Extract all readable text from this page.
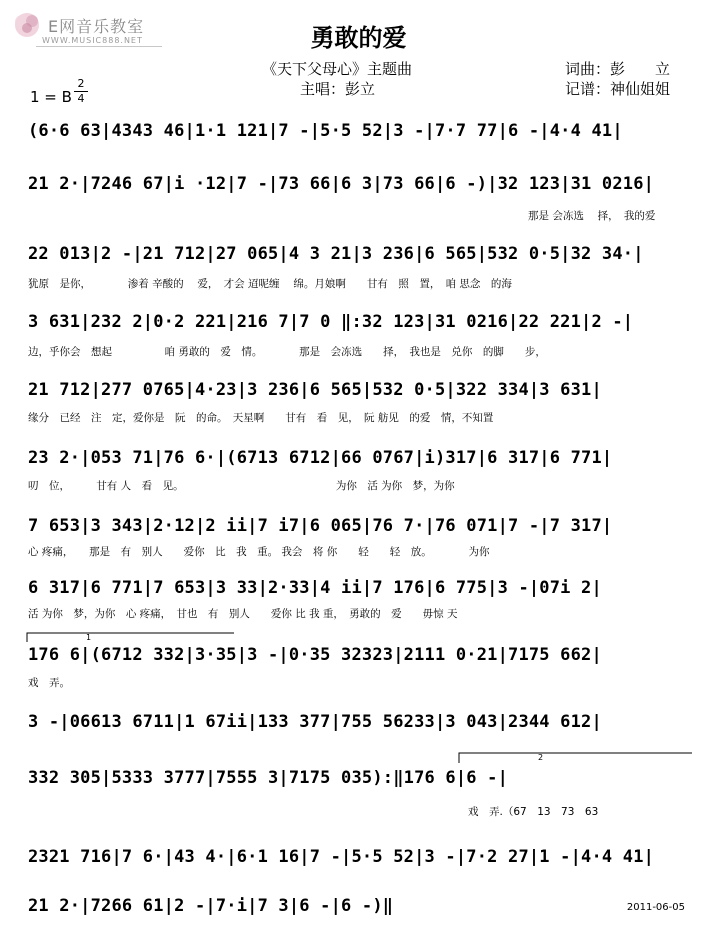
E网音乐教室
WWW.MUSIC888.NET	勇敢的爱
《天下父母心》主题曲
主唱：彭立
词曲：彭　　立
记谱：神仙姐姐
1 = B
2
4
(6·6 63|4343 46|1·1 121|7 -|5·5 52|3 -|7·7 77|6 -|4·4 41|
21 2·|7246 67|i ·12|7 -|73 66|6 3|73 66|6 -)|32 123|31 0216|
那是 会冻选　 择，　我的爱
22 013|2 -|21 712|27 065|4 3 21|3 236|6 565|532 0·5|32 34·|
犹原　是你，　　　　渗着 辛酸的　 爱，　才会 迢呢缠　 绵。月娘啊　　甘有　照　置，　咱 思念　的海
3 631|232 2|0·2 221|216 7|7 0 ‖:32 123|31 0216|22 221|2 -|
边，乎你会　想起　　　　　咱 勇敢的　爱　情。　　　　那是　会冻选　　择，　我也是　兑你　的脚　　步，
21 712|277 0765|4·23|3 236|6 565|532 0·5|322 334|3 631|
缘分　已经　注　定，爱你是　阮　的命。　天星啊　　甘有　看　见，　阮 舫见　的爱　情，不知置
23 2·|053 71|76 6·|(6713 6712|66 0767|i)317|6 317|6 771|
叨　位，　　　甘有 人　看　见。　　　　　　　　　　　　　　　为你　活 为你　梦，为你
7 653|3 343|2·12|2 ii|7 i7|6 065|76 7·|76 071|7 -|7 317|
心 疼痛，　　那是　有　别人　　爱你　比　我　重。 我会　将 你　　轻　　轻　放。　　　　为你
6 317|6 771|7 653|3 33|2·33|4 ii|7 176|6 775|3 -|07i 2|
活 为你　梦，为你　心 疼痛，　甘也　有　别人　　爱你 比 我 重，　勇敢的　爱　　毋惊 天
1
176 6|(6712 332|3·35|3 -|0·35 32323|2111 0·21|7175 662|
戏　弄。
3 -|06613 6711|1 67ii|133 377|755 56233|3 043|2344 612|
2
332 305|5333 3777|7555 3|7175 035):‖176 6|6 -|
戏　弄.（67　13　73　63
2321 716|7 6·|43 4·|6·1 16|7 -|5·5 52|3 -|7·2 27|1 -|4·4 41|
21 2·|7266 61|2 -|7·i|7 3|6 -|6 -)‖	2011-06-05
